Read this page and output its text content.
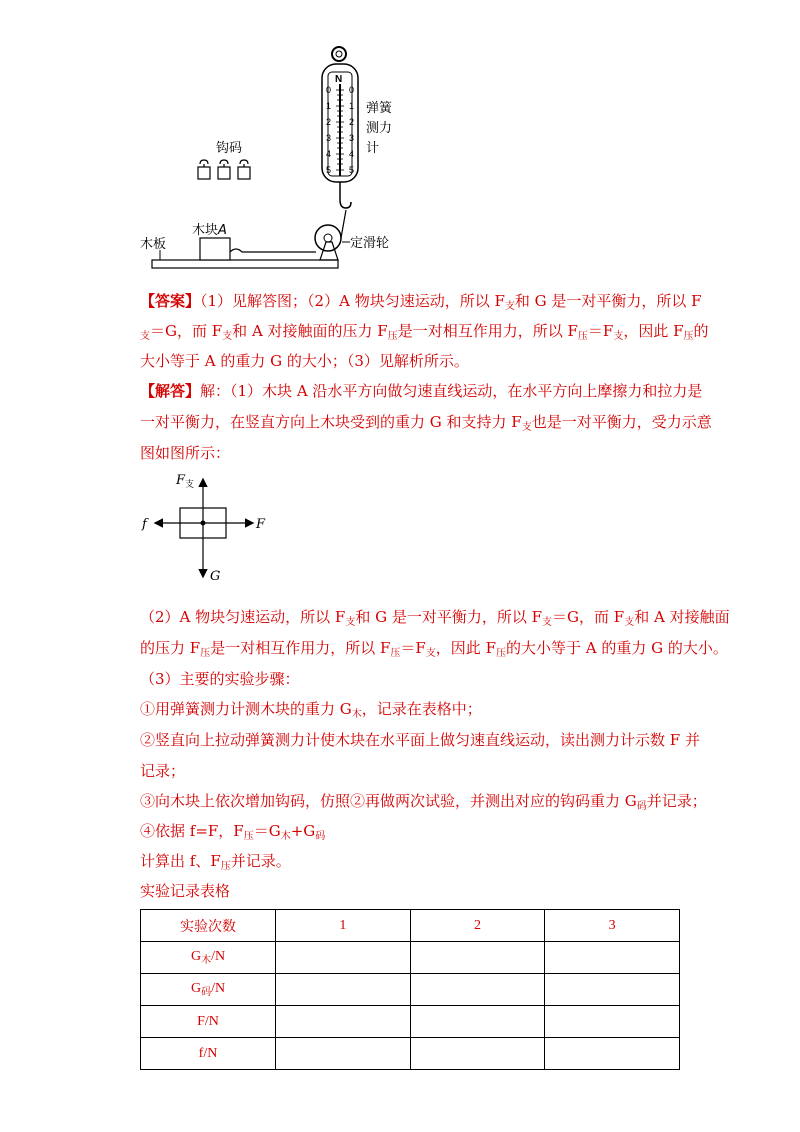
N
0
1
2
3
4
5
0
1
2
3
4
5
弹簧
测力
计
钩码
木板
木块A
定滑轮
【答案】（1）见解答图；（2）A 物块匀速运动，所以 $F_支$和 G 是一对平衡力，所以 F
$_支$＝G，而 $F_支$和 A 对接触面的压力 $F_压$是一对相互作用力，所以 $F_压=F_支$，因此 $F_压$的
大小等于 A 的重力 G 的大小；（3）见解析所示。
【解答】解：（1）木块 A 沿水平方向做匀速直线运动，在水平方向上摩擦力和拉力是
一对平衡力，在竖直方向上木块受到的重力 G 和支持力 $F_支$也是一对平衡力，受力示意
图如图所示：
$F_支$
f	F
G
（2）A 物块匀速运动，所以 $F_支$和 G 是一对平衡力，所以 $F_支=G$，而 $F_支$和 A 对接触面
的压力 $F_压$是一对相互作用力，所以 $F_压=F_支$，因此 $F_压$的大小等于 A 的重力 G 的大小。
（3）主要的实验步骤：
①用弹簧测力计测木块的重力 $G_木$，记录在表格中；
②竖直向上拉动弹簧测力计使木块在水平面上做匀速直线运动，读出测力计示数 F 并
记录；
③向木块上依次增加钩码，仿照②再做两次试验，并测出对应的钩码重力 $G_码$并记录；
④依据 f=F，$F_压=G_木+G_码$
计算出 f、$F_压$并记录。
实验记录表格
实验次数	1	2	3
$G_木/N$			
$G_码/N$			
F/N			
f/N			
